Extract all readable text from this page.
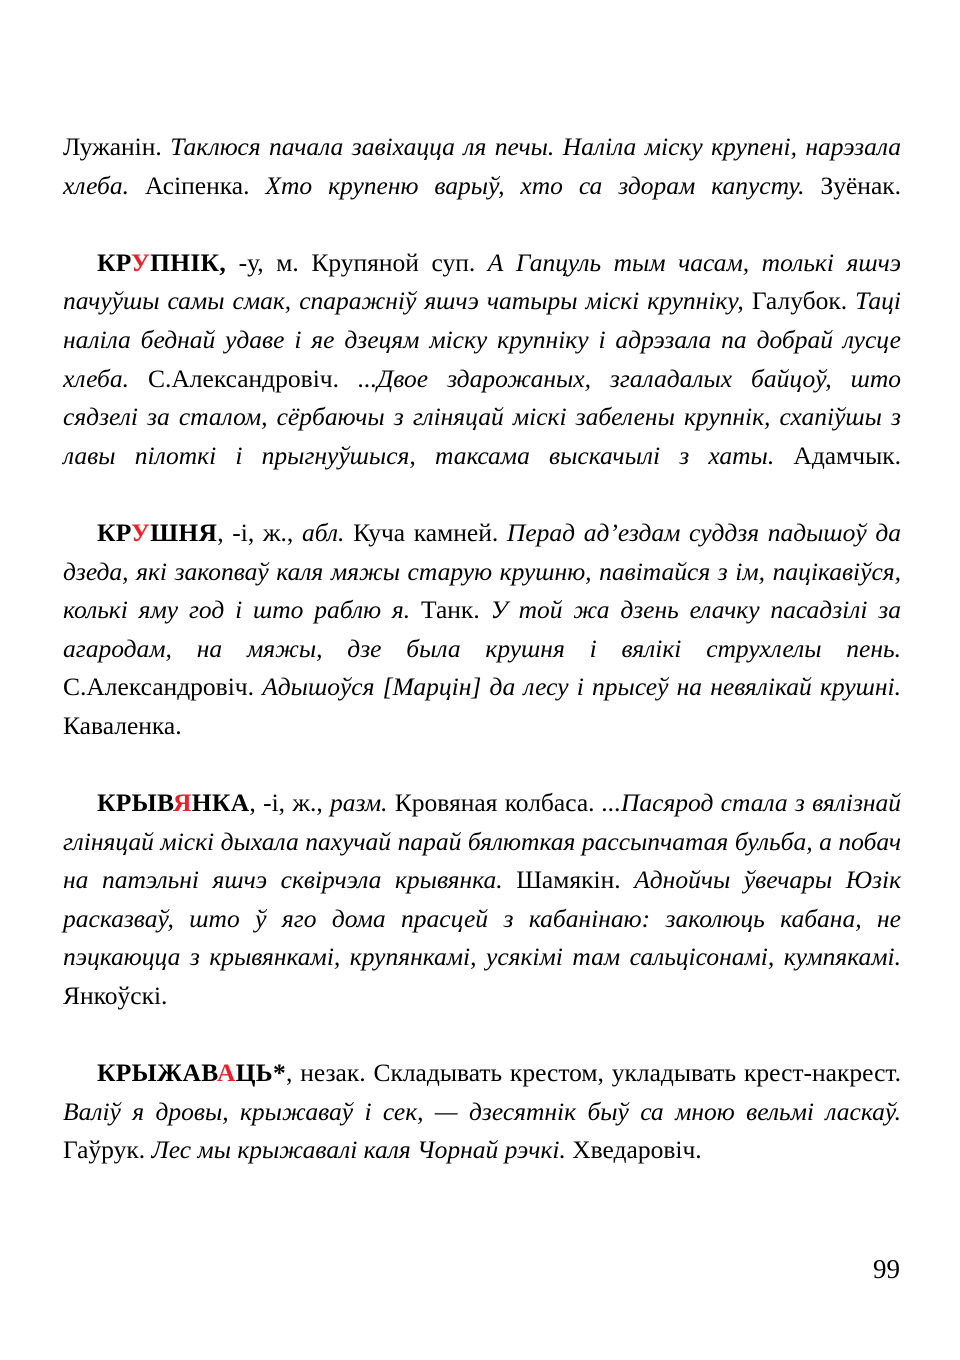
Лужанін. Таклюся пачала завіхацца ля печы. Наліла міску крупені, нарэзала хлеба. Асіпенка. Хто крупеню варыў, хто са здорам капусту. Зуёнак.

КРУПНІК, -у, м. Крупяной суп. А Гапцуль тым часам, толькі яшчэ пачуўшы самы смак, спаражніў яшчэ чатыры міскі крупніку, Галубок. Таці наліла беднай удаве і яе дзецям міску крупніку і адрэзала па добрай лусце хлеба. С.Александровіч. ...Двое здарожаных, згаладалых байцоў, што сядзелі за сталом, сёрбаючы з гліняцай міскі забелены крупнік, схапіўшы з лавы пілоткі і прыгнуўшыся, таксама выскачылі з хаты. Адамчык.

КРУШНЯ, -і, ж., абл. Куча камней. Перад ад’ездам суддзя падышоў да дзеда, які закопваў каля мяжы старую крушню, павітайся з ім, пацікавіўся, колькі яму год і што раблю я. Танк. У той жа дзень елачку пасадзілі за агародам, на мяжы, дзе была крушня і вялікі струхлелы пень. С.Александровіч. Адышоўся [Марцін] да лесу і прысеў на невялікай крушні. Каваленка.

КРЫВЯНКА, -і, ж., разм. Кровяная колбаса. ...Пасярод стала з вялізнай гліняцай міскі дыхала пахучай парай бялюткая рассыпчатая бульба, а побач на патэльні яшчэ сквірчэла крывянка. Шамякін. Аднойчы ўвечары Юзік расказваў, што ў яго дома прасцей з кабанінаю: заколюць кабана, не пэцкаюцца з крывянкамі, крупянкамі, усякімі там сальцісонамі, кумпякамі. Янкоўскі.

КРЫЖАВАЦЬ*, незак. Складывать крестом, укладывать крест-накрест. Валіў я дровы, крыжаваў і сек, — дзесятнік быў са мною вельмі ласкаў. Гаўрук. Лес мы крыжавалі каля Чорнай рэчкі. Хведаровіч.

99
